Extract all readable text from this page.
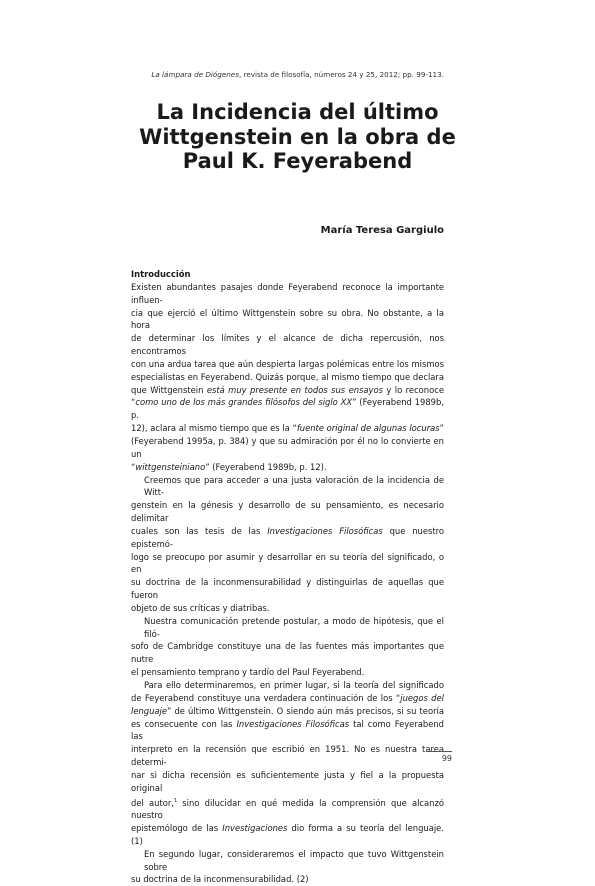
La lámpara de Diógenes, revista de filosofía, números 24 y 25, 2012; pp. 99-113.
La Incidencia del último
Wittgenstein en la obra de
Paul K. Feyerabend
María Teresa Gargiulo
Introducción
Existen abundantes pasajes donde Feyerabend reconoce la importante influen-
cia que ejerció el último Wittgenstein sobre su obra. No obstante, a la hora
de determinar los límites y el alcance de dicha repercusión, nos encontramos
con una ardua tarea que aún despierta largas polémicas entre los mismos
especialistas en Feyerabend. Quizás porque, al mismo tiempo que declara
que Wittgenstein está muy presente en todos sus ensayos y lo reconoce
“como uno de los más grandes filósofos del siglo XX” (Feyerabend 1989b, p.
12), aclara al mismo tiempo que es la “fuente original de algunas locuras”
(Feyerabend 1995a, p. 384) y que su admiración por él no lo convierte en un
“wittgensteiniano” (Feyerabend 1989b, p. 12).
Creemos que para acceder a una justa valoración de la incidencia de Witt-
genstein en la génesis y desarrollo de su pensamiento, es necesario delimitar
cuales son las tesis de las Investigaciones Filosóficas que nuestro epistemó-
logo se preocupo por asumir y desarrollar en su teoría del significado, o en
su doctrina de la inconmensurabilidad y distinguirlas de aquellas que fueron
objeto de sus críticas y diatribas.
Nuestra comunicación pretende postular, a modo de hipótesis, que el filó-
sofo de Cambridge constituye una de las fuentes más importantes que nutre
el pensamiento temprano y tardío del Paul Feyerabend.
Para ello determinaremos, en primer lugar, si la teoría del significado
de Feyerabend constituye una verdadera continuación de los “juegos del
lenguaje” de último Wittgenstein. O siendo aún más precisos, si su teoría
es consecuente con las Investigaciones Filosóficas tal como Feyerabend las
interpreto en la recensión que escribió en 1951. No es nuestra tarea determi-
nar si dicha recensión es suficientemente justa y fiel a la propuesta original
del autor,$^1$ sino dilucidar en qué medida la comprensión que alcanzó nuestro
epistemólogo de las Investigaciones dio forma a su teoría del lenguaje. (1)
En segundo lugar, consideraremos el impacto que tuvo Wittgenstein sobre
su doctrina de la inconmensurabilidad. (2)
99
